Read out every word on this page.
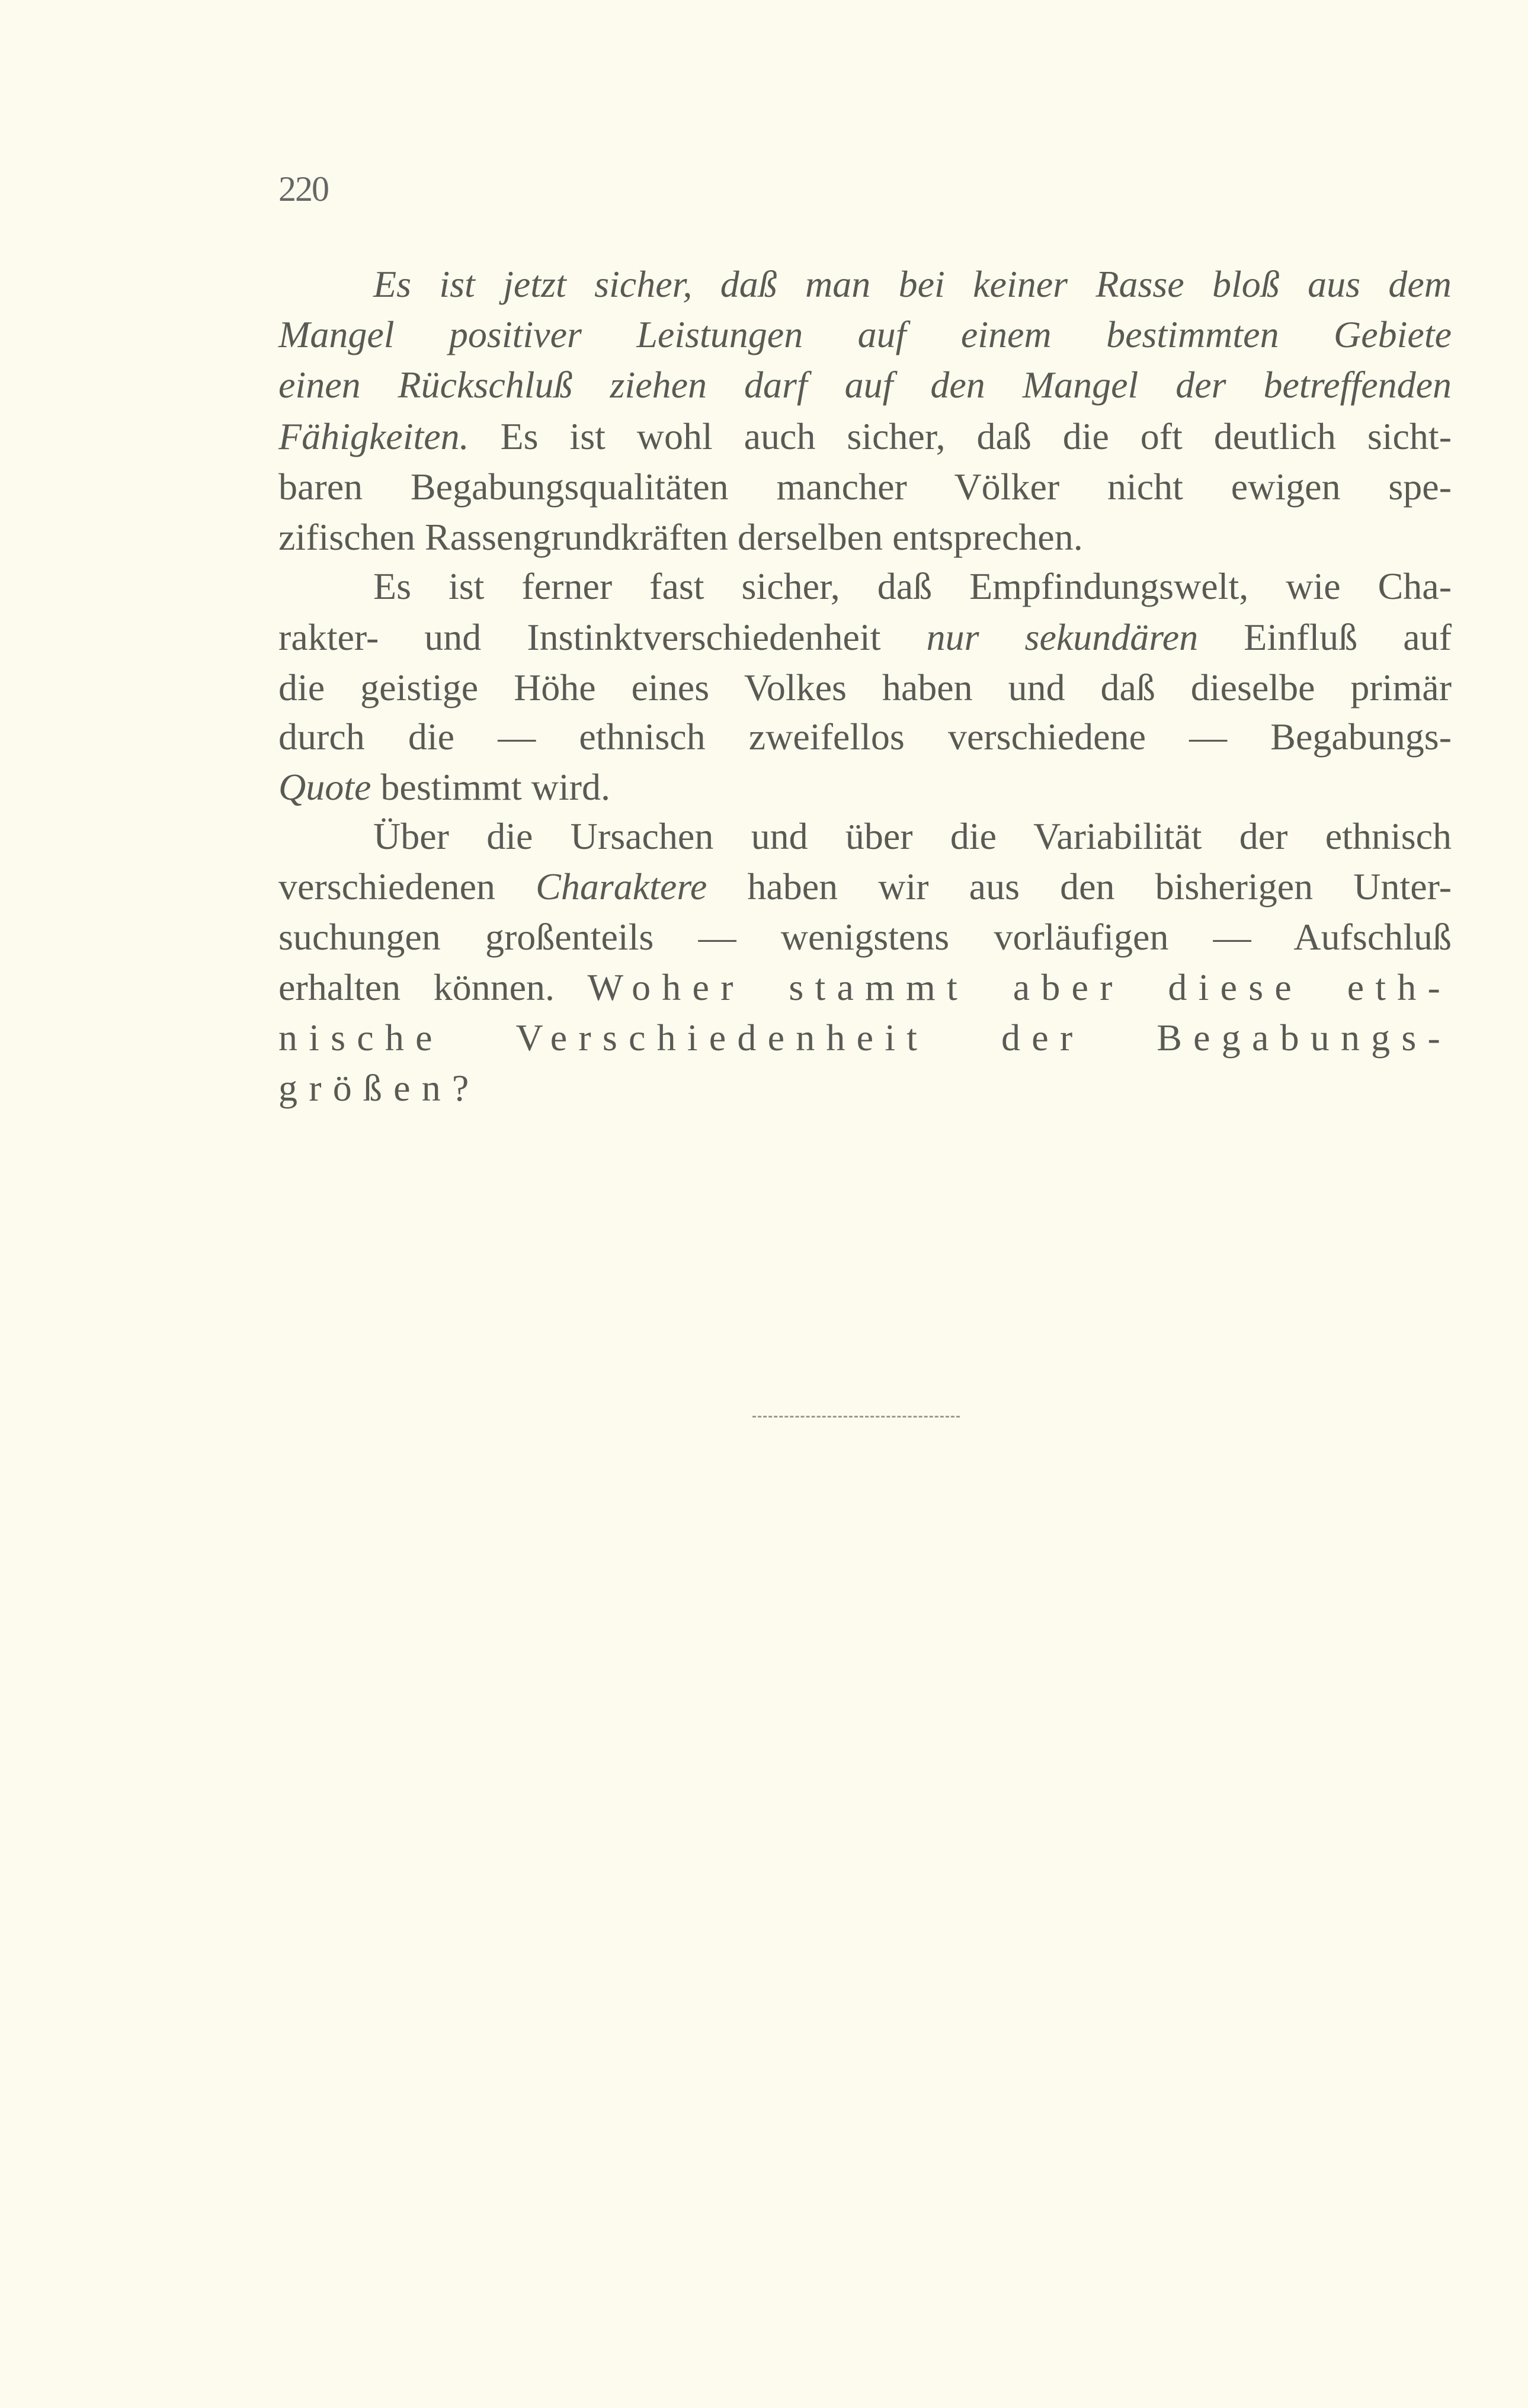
220
Es ist jetzt sicher, daß man bei keiner Rasse bloß aus dem
Mangel positiver Leistungen auf einem bestimmten Gebiete
einen Rückschluß ziehen darf auf den Mangel der betreffenden
Fähigkeiten. Es ist wohl auch sicher, daß die oft deutlich sicht-
baren Begabungsqualitäten mancher Völker nicht ewigen spe-
zifischen Rassengrundkräften derselben entsprechen.
Es ist ferner fast sicher, daß Empfindungswelt, wie Cha-
rakter- und Instinktverschiedenheit nur sekundären Einfluß auf
die geistige Höhe eines Volkes haben und daß dieselbe primär
durch die — ethnisch zweifellos verschiedene — Begabungs-
Quote bestimmt wird.
Über die Ursachen und über die Variabilität der ethnisch
verschiedenen Charaktere haben wir aus den bisherigen Unter-
suchungen großenteils — wenigstens vorläufigen — Aufschluß
erhalten können. Woher stammt aber diese eth-
nische Verschiedenheit der Begabungs-
größen?
